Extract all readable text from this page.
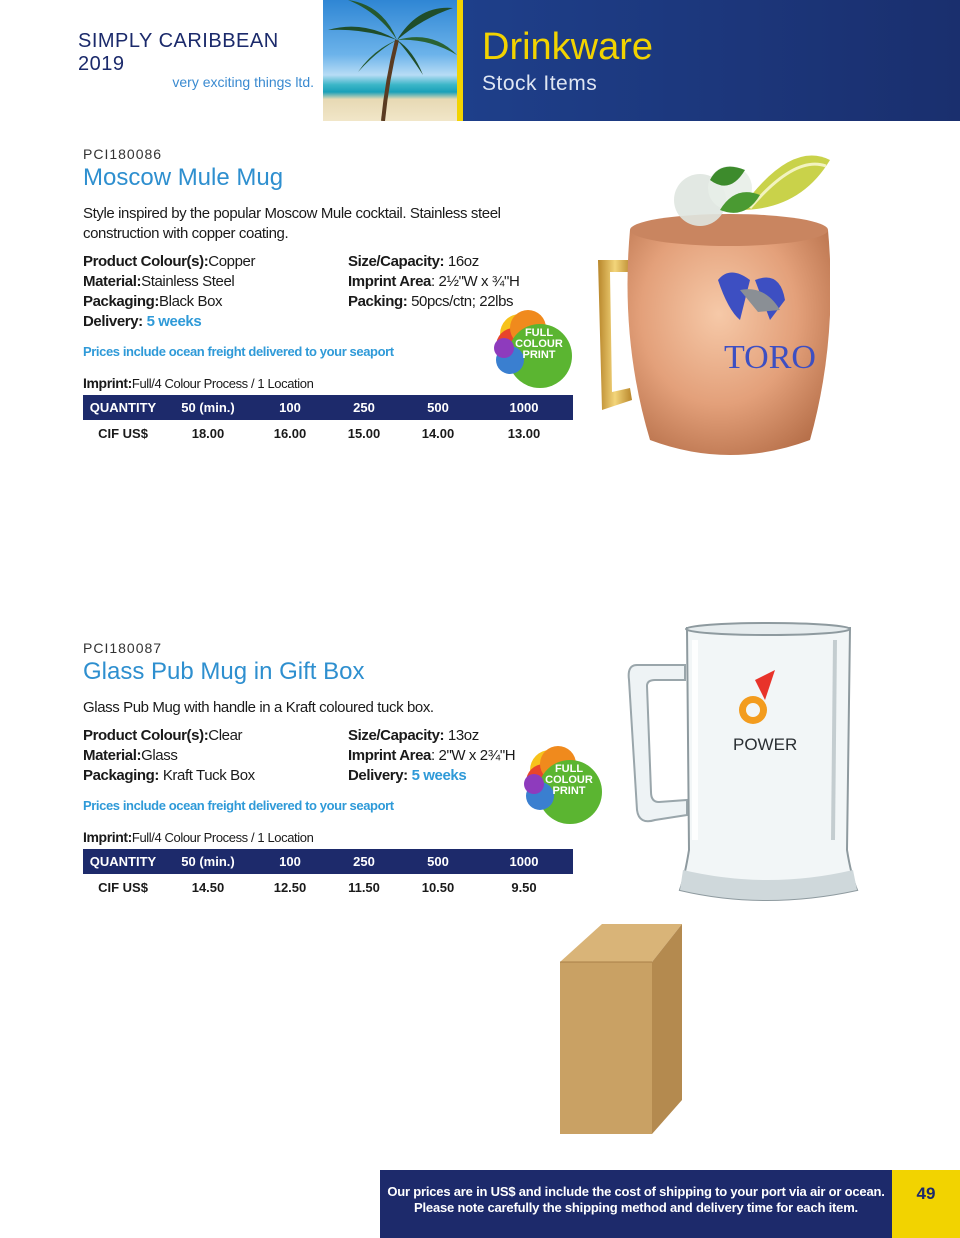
SIMPLY CARIBBEAN 2019
very exciting things ltd.
Drinkware
Stock Items
PCI180086
Moscow Mule Mug
Style inspired by the popular Moscow Mule cocktail. Stainless steel construction with copper coating.
Product Colour(s):Copper
Material:Stainless Steel
Packaging:Black Box
Delivery: 5 weeks
Size/Capacity: 16oz
Imprint Area: 2½"W x ¾"H
Packing: 50pcs/ctn; 22lbs
Prices include ocean freight delivered to your seaport
Imprint:Full/4 Colour Process / 1 Location
QUANTITY	50 (min.)	100	250	500	1000
CIF US$	18.00	16.00	15.00	14.00	13.00
FULL COLOUR PRINT	TORO
PCI180087
Glass Pub Mug in Gift Box
Glass Pub Mug with handle in a Kraft coloured tuck box.
Product Colour(s):Clear
Material:Glass
Packaging: Kraft Tuck Box
Size/Capacity: 13oz
Imprint Area: 2"W x 2¾"H
Delivery: 5 weeks
Prices include ocean freight delivered to your seaport
Imprint:Full/4 Colour Process / 1 Location
QUANTITY	50 (min.)	100	250	500	1000
CIF US$	14.50	12.50	11.50	10.50	9.50
FULL COLOUR PRINT
POWER
Our prices are in US$ and include the cost of shipping to your port via air or ocean.
Please note carefully the shipping method and delivery time for each item.
49
